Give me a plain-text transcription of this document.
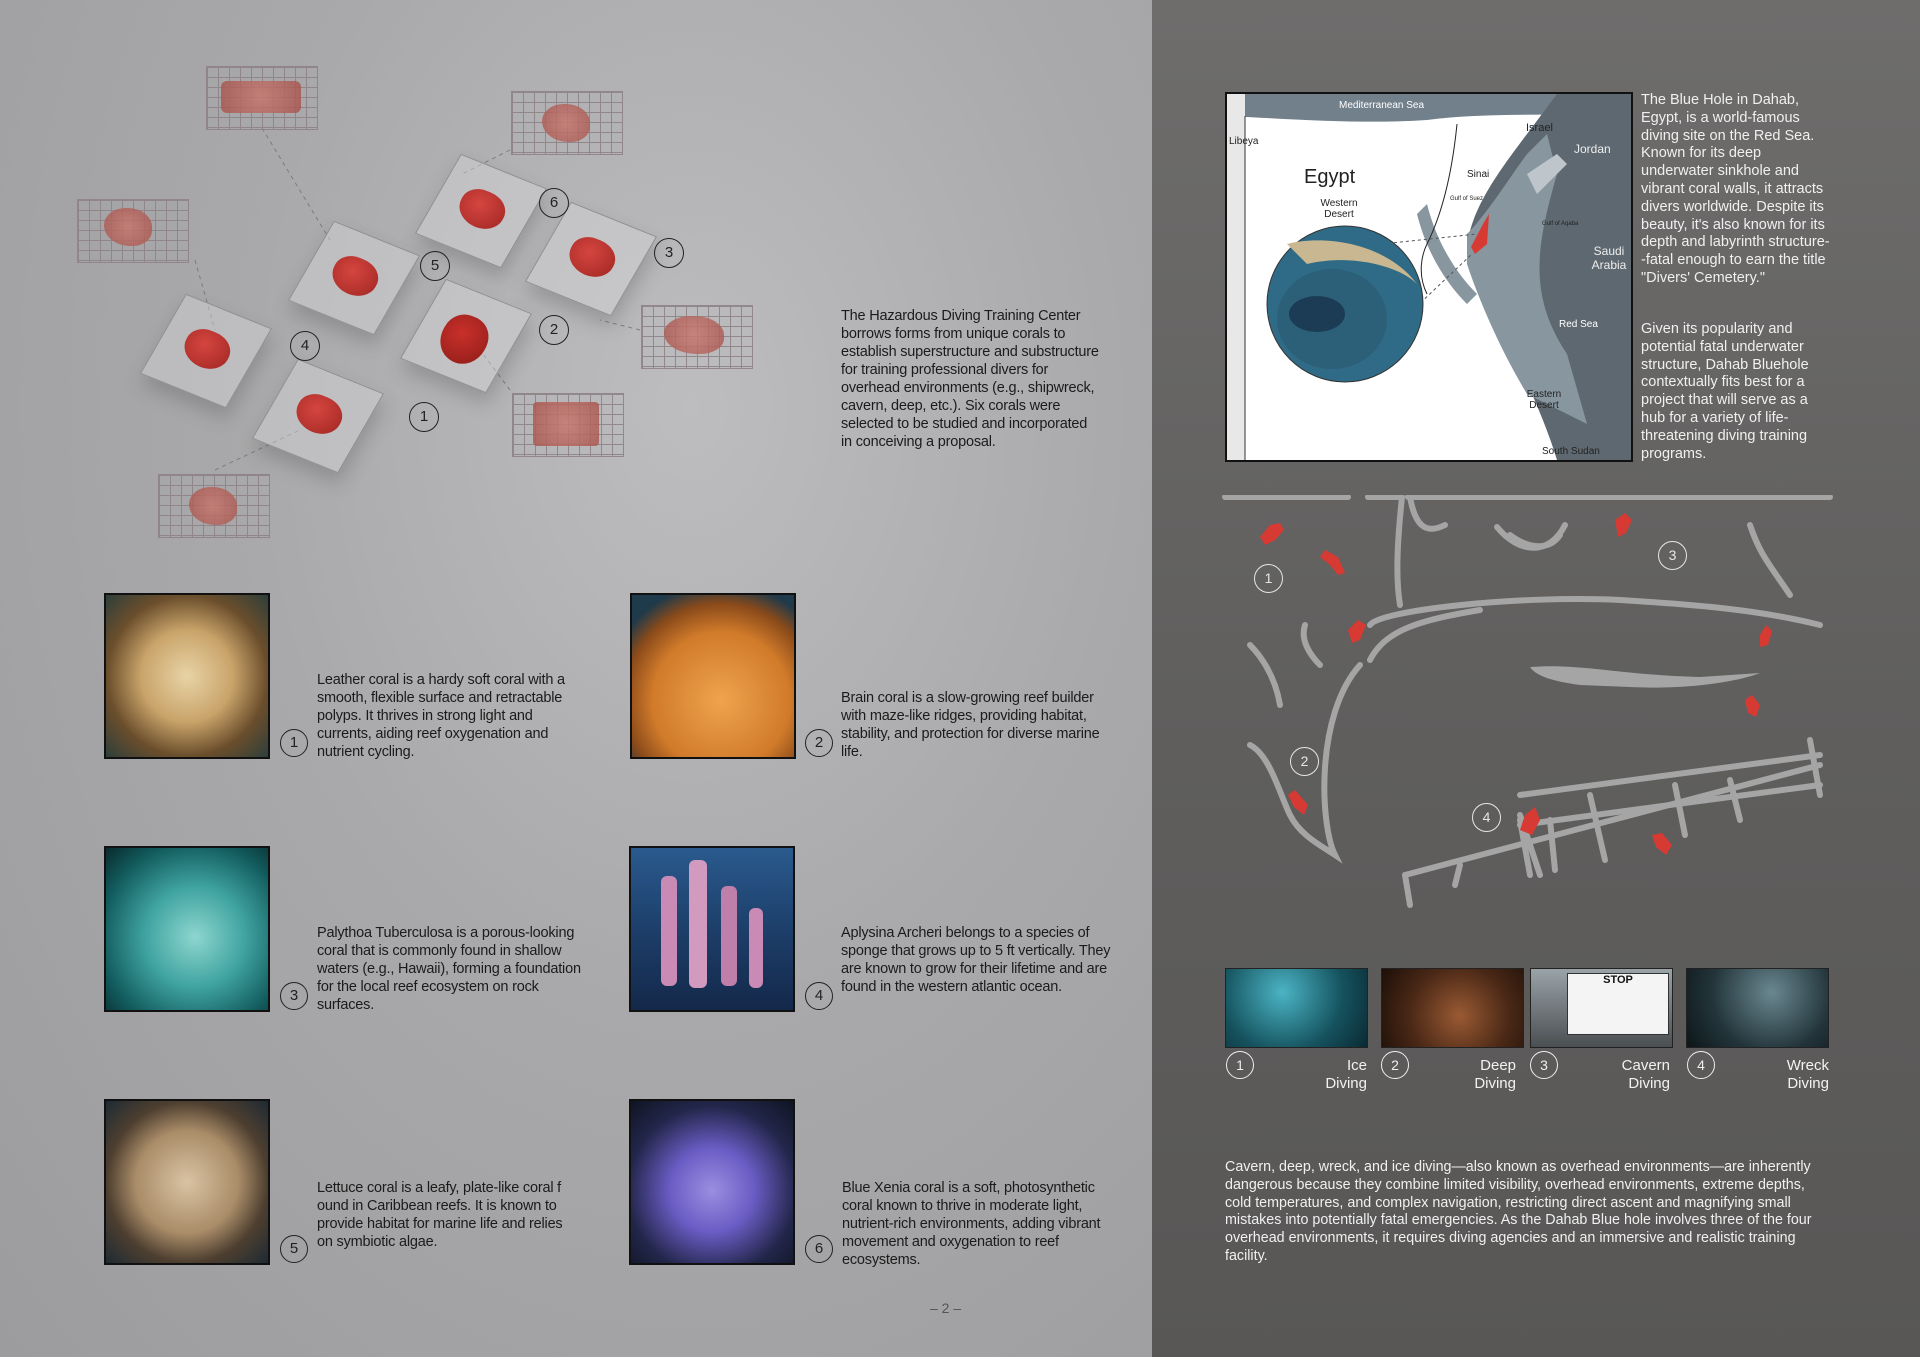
6
5
3
2
4
1
The Hazardous Diving Training Center borrows forms from unique corals to establish superstructure and substructure for training professional divers for overhead environments (e.g., shipwreck, cavern, deep, etc.). Six corals were selected to be studied and incorporated in conceiving a proposal.
1
Leather coral is a hardy soft coral with a smooth, flexible surface and retractable polyps. It thrives in strong light and currents, aiding reef oxygenation and nutrient cycling.
2
Brain coral is a slow-growing reef builder with maze-like ridges, providing habitat, stability, and protection for diverse marine life.
3
Palythoa Tuberculosa is a porous-looking coral that is commonly found in shallow waters (e.g., Hawaii), forming a foundation for the local reef ecosystem on rock surfaces.
4
Aplysina Archeri belongs to a species of sponge that grows up to 5 ft vertically. They are known to grow for their lifetime and are found in the western atlantic ocean.
5
Lettuce coral is a leafy, plate-like coral f ound in Caribbean reefs. It is known to provide habitat for marine life and relies on symbiotic algae.	6
Blue Xenia coral is a soft, photosynthetic coral known to thrive in moderate light, nutrient-rich environments, adding vibrant movement and oxygenation to reef ecosystems.
– 2 –
Mediterranean Sea
Libeya
Israel
Jordan
Egypt
Western Desert
Sinai
Gulf of Suez
Gulf of Aqaba
Saudi Arabia
Red Sea
Eastern Desert
South Sudan
The Blue Hole in Dahab, Egypt, is a world-famous diving site on the Red Sea. Known for its deep underwater sinkhole and vibrant coral walls, it attracts divers worldwide. Despite its beauty, it's also known for its depth and labyrinth structure--fatal enough to earn the title "Divers' Cemetery."
Given its popularity and potential fatal underwater structure, Dahab Bluehole contextually fits best for a project that will serve as a hub for a variety of life-threatening diving training programs.
1
3
2
4
STOP
1	Ice
Diving
2	Deep
Diving
3	Cavern
Diving
4	Wreck
Diving
Cavern, deep, wreck, and ice diving—also known as overhead environments—are inherently dangerous because they combine limited visibility, overhead environments, extreme depths, cold temperatures, and complex navigation, restricting direct ascent and magnifying small mistakes into potentially fatal emergencies. As the Dahab Blue hole involves three of the four overhead environments, it requires diving agencies and an immersive and realistic training facility.
